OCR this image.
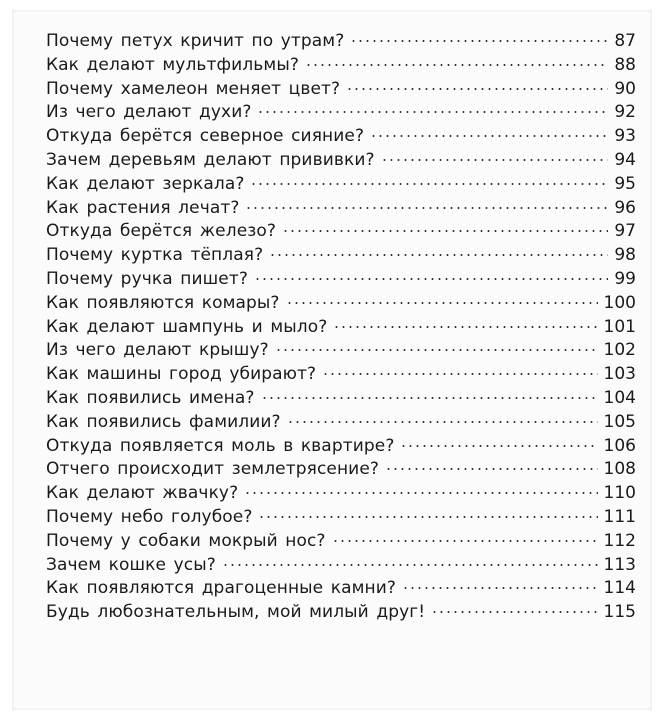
Почему петух кричит по утрам?	87
Как делают мультфильмы?	88
Почему хамелеон меняет цвет?	90
Из чего делают духи?	92
Откуда берётся северное сияние?	93
Зачем деревьям делают прививки?	94
Как делают зеркала?	95
Как растения лечат?	96
Откуда берётся железо?	97
Почему куртка тёплая?	98
Почему ручка пишет?	99
Как появляются комары?	100
Как делают шампунь и мыло?	101
Из чего делают крышу?	102
Как машины город убирают?	103
Как появились имена?	104
Как появились фамилии?	105
Откуда появляется моль в квартире?	106
Отчего происходит землетрясение?	108
Как делают жвачку?	110
Почему небо голубое?	111
Почему у собаки мокрый нос?	112
Зачем кошке усы?	113
Как появляются драгоценные камни?	114
Будь любознательным, мой милый друг!	115
